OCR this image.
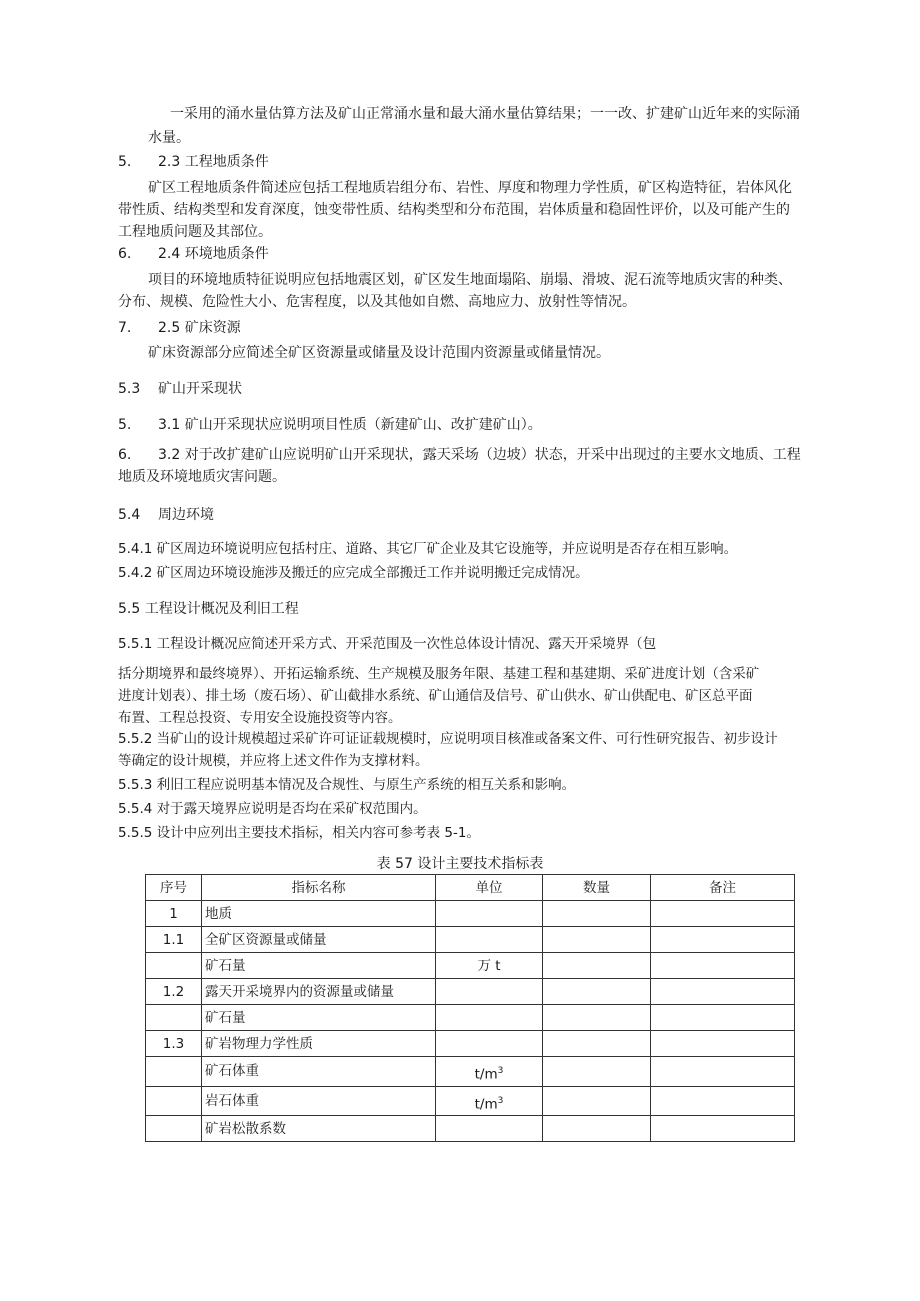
一采用的涌水量估算方法及矿山正常涌水量和最大涌水量估算结果；一一改、扩建矿山近年来的实际涌
水量。
5. 2.3 工程地质条件
矿区工程地质条件简述应包括工程地质岩组分布、岩性、厚度和物理力学性质，矿区构造特征，岩体风化
带性质、结构类型和发育深度，蚀变带性质、结构类型和分布范围，岩体质量和稳固性评价，以及可能产生的
工程地质问题及其部位。
6. 2.4 环境地质条件
项目的环境地质特征说明应包括地震区划，矿区发生地面塌陷、崩塌、滑坡、泥石流等地质灾害的种类、
分布、规模、危险性大小、危害程度，以及其他如自燃、高地应力、放射性等情况。
7. 2.5 矿床资源
矿床资源部分应简述全矿区资源量或储量及设计范围内资源量或储量情况。
5.3 矿山开采现状
5. 3.1 矿山开采现状应说明项目性质（新建矿山、改扩建矿山）。
6. 3.2 对于改扩建矿山应说明矿山开采现状，露天采场（边坡）状态，开采中出现过的主要水文地质、工程
地质及环境地质灾害问题。
5.4 周边环境
5.4.1 矿区周边环境说明应包括村庄、道路、其它厂矿企业及其它设施等，并应说明是否存在相互影响。
5.4.2 矿区周边环境设施涉及搬迁的应完成全部搬迁工作并说明搬迁完成情况。
5.5 工程设计概况及利旧工程
5.5.1 工程设计概况应简述开采方式、开采范围及一次性总体设计情况、露天开采境界（包
括分期境界和最终境界）、开拓运输系统、生产规模及服务年限、基建工程和基建期、采矿进度计划（含采矿
进度计划表）、排土场（废石场）、矿山截排水系统、矿山通信及信号、矿山供水、矿山供配电、矿区总平面
布置、工程总投资、专用安全设施投资等内容。
5.5.2 当矿山的设计规模超过采矿许可证证载规模时，应说明项目核准或备案文件、可行性研究报告、初步设计
等确定的设计规模，并应将上述文件作为支撑材料。
5.5.3 利旧工程应说明基本情况及合规性、与原生产系统的相互关系和影响。
5.5.4 对于露天境界应说明是否均在采矿权范围内。
5.5.5 设计中应列出主要技术指标，相关内容可参考表 5-1。
表 57 设计主要技术指标表
序号	指标名称	单位	数量	备注
1	地质			
1.1	全矿区资源量或储量			
	矿石量	万 t		
1.2	露天开采境界内的资源量或储量			
	矿石量			
1.3	矿岩物理力学性质			
	矿石体重	$t/m^3$		
	岩石体重	$t/m^3$		
	矿岩松散系数			
